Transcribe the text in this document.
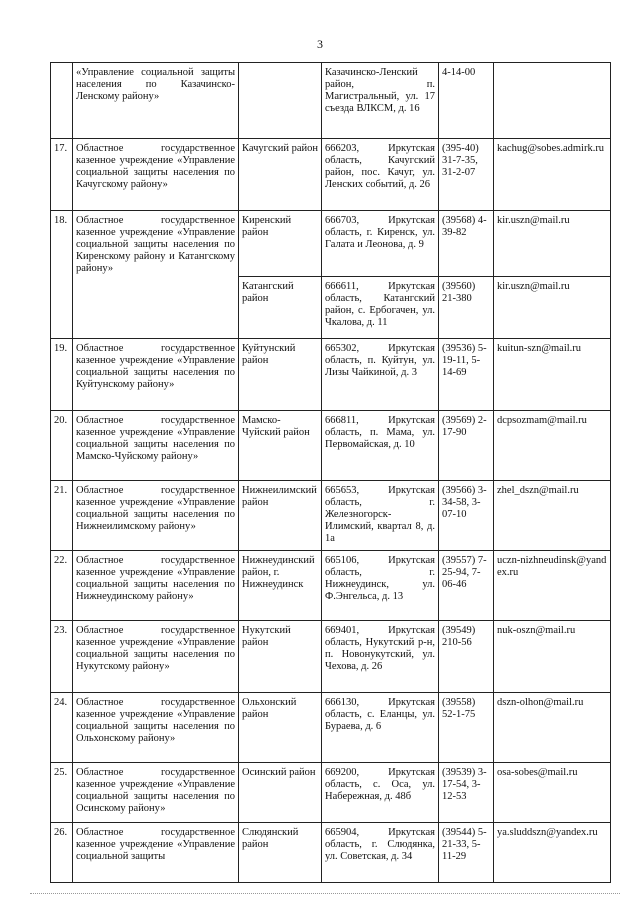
3
	«Управление социальной защиты населения по Казачинско-Ленскому району»		Казачинско-Ленский район, п. Магистральный, ул. 17 съезда ВЛКСМ, д. 16	4-14-00	
17.	Областное государственное казенное учреждение «Управление социальной защиты населения по Качугскому району»	Качугский район	666203, Иркутская область, Качугский район, пос. Качуг, ул. Ленских событий, д. 26	(395-40) 31-7-35, 31-2-07	kachug@sobes.admirk.ru
18.	Областное государственное казенное учреждение «Управление социальной защиты населения по Киренскому району и Катангскому району»	Киренский район	666703, Иркутская область, г. Киренск, ул. Галата и Леонова, д. 9	(39568) 4-39-82	kir.uszn@mail.ru
		Катангский район	666611, Иркутская область, Катангский район, с. Ербогачен, ул. Чкалова, д. 11	(39560) 21-380	kir.uszn@mail.ru
19.	Областное государственное казенное учреждение «Управление социальной защиты населения по Куйтунскому району»	Куйтунский район	665302, Иркутская область, п. Куйтун, ул. Лизы Чайкиной, д. 3	(39536) 5-19-11, 5-14-69	kuitun-szn@mail.ru
20.	Областное государственное казенное учреждение «Управление социальной защиты населения по Мамско-Чуйскому району»	Мамско-Чуйский район	666811, Иркутская область, п. Мама, ул. Первомайская, д. 10	(39569) 2-17-90	dcpsozmam@mail.ru
21.	Областное государственное казенное учреждение «Управление социальной защиты населения по Нижнеилимскому району»	Нижнеилимский район	665653, Иркутская область, г. Железногорск-Илимский, квартал 8, д. 1а	(39566) 3-34-58, 3-07-10	zhel_dszn@mail.ru
22.	Областное государственное казенное учреждение «Управление социальной защиты населения по Нижнеудинскому району»	Нижнеудинский район, г. Нижнеудинск	665106, Иркутская область, г. Нижнеудинск, ул. Ф.Энгельса, д. 13	(39557) 7-25-94, 7-06-46	uczn-nizhneudinsk@yandex.ru
23.	Областное государственное казенное учреждение «Управление социальной защиты населения по Нукутскому району»	Нукутский район	669401, Иркутская область, Нукутский р-н, п. Новонукутский, ул. Чехова, д. 26	(39549) 210-56	nuk-oszn@mail.ru
24.	Областное государственное казенное учреждение «Управление социальной защиты населения по Ольхонскому району»	Ольхонский район	666130, Иркутская область, с. Еланцы, ул. Бураева, д. 6	(39558) 52-1-75	dszn-olhon@mail.ru
25.	Областное государственное казенное учреждение «Управление социальной защиты населения по Осинскому району»	Осинский район	669200, Иркутская область, с. Оса, ул. Набережная, д. 48б	(39539) 3-17-54, 3-12-53	osa-sobes@mail.ru
26.	Областное государственное казенное учреждение «Управление социальной защиты	Слюдянский район	665904, Иркутская область, г. Слюдянка, ул. Советская, д. 34	(39544) 5-21-33, 5-11-29	ya.sluddszn@yandex.ru
